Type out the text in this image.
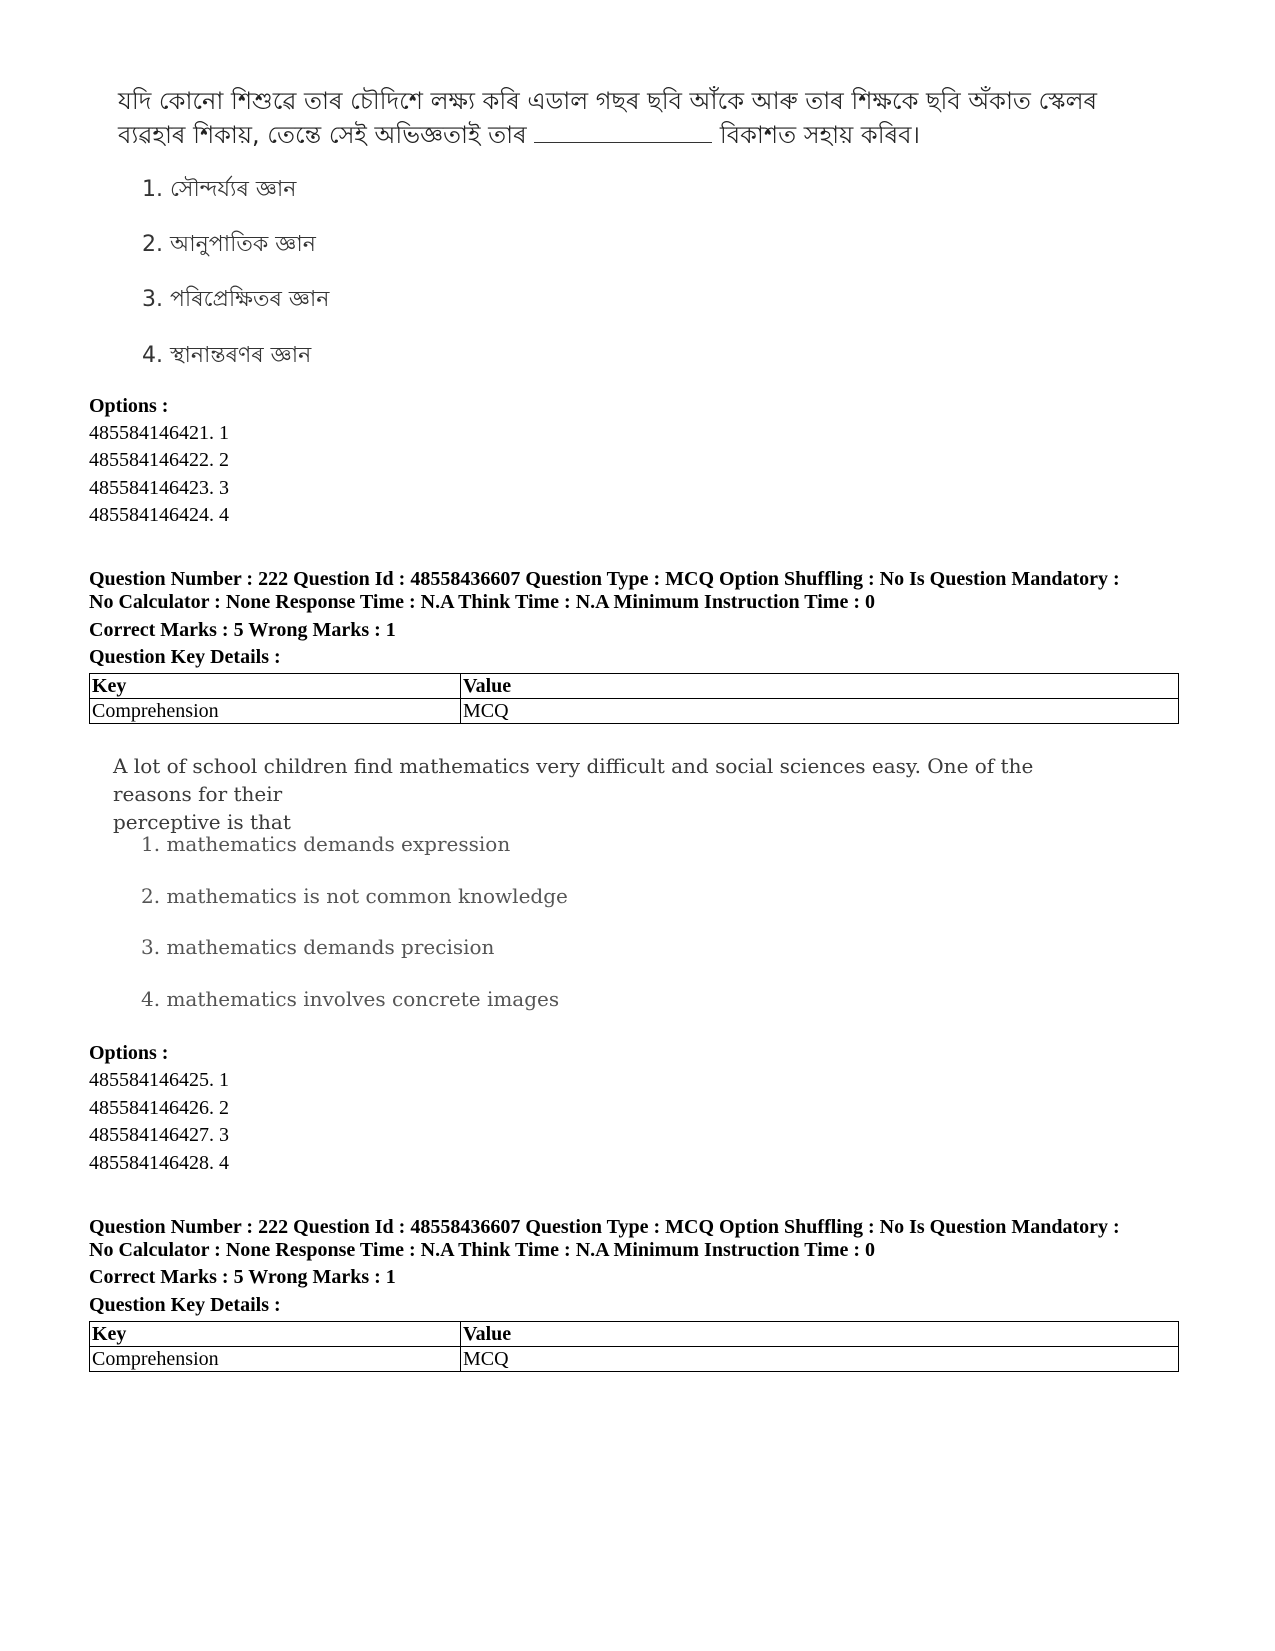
যদি কোনো শিশুৱে তাৰ চৌদিশে লক্ষ্য কৰি এডাল গছৰ ছবি আঁকে আৰু তাৰ শিক্ষকে ছবি অঁকাত স্কেলৰ

ব্যৱহাৰ শিকায়, তেন্তে সেই অভিজ্ঞতাই তাৰ	বিকাশত সহায় কৰিব।

1. সৌন্দৰ্য্যৰ জ্ঞান

2. আনুপাতিক জ্ঞান

3. পৰিপ্ৰেক্ষিতৰ জ্ঞান

4. স্থানান্তৰণৰ জ্ঞান

Options :
485584146421. 1
485584146422. 2
485584146423. 3
485584146424. 4
Question Number : 222 Question Id : 48558436607 Question Type : MCQ Option Shuffling : No Is Question Mandatory :
No Calculator : None Response Time : N.A Think Time : N.A Minimum Instruction Time : 0
Correct Marks : 5 Wrong Marks : 1
Question Key Details :
Key	Value
Comprehension	MCQ

A lot of school children find mathematics very difficult and social sciences easy. One of the reasons for their

perceptive is that

1. mathematics demands expression

2. mathematics is not common knowledge

3. mathematics demands precision

4. mathematics involves concrete images

Options :
485584146425. 1
485584146426. 2
485584146427. 3
485584146428. 4
Question Number : 222 Question Id : 48558436607 Question Type : MCQ Option Shuffling : No Is Question Mandatory :
No Calculator : None Response Time : N.A Think Time : N.A Minimum Instruction Time : 0
Correct Marks : 5 Wrong Marks : 1
Question Key Details :
Key	Value
Comprehension	MCQ
